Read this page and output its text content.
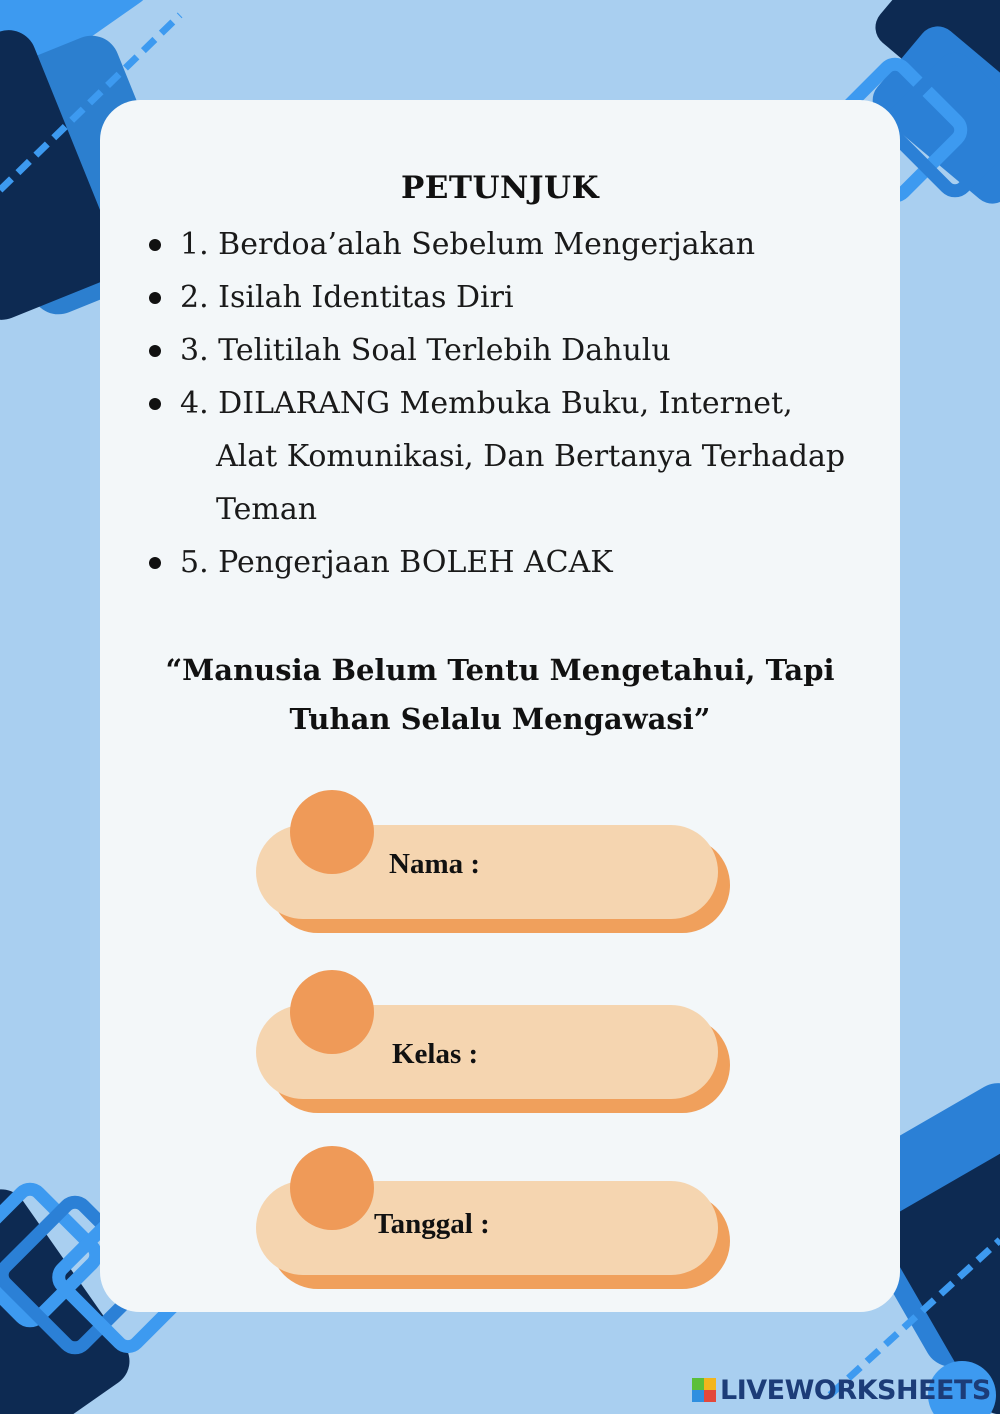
PETUNJUK
1. Berdoa’alah Sebelum Mengerjakan
2. Isilah Identitas Diri
3. Telitilah Soal Terlebih Dahulu
4. DILARANG Membuka Buku, Internet, Alat Komunikasi, Dan Bertanya Terhadap Teman
5. Pengerjaan BOLEH ACAK
“Manusia Belum Tentu Mengetahui, Tapi Tuhan Selalu Mengawasi”
Nama :
Kelas :
Tanggal :
LIVEWORKSHEETS
